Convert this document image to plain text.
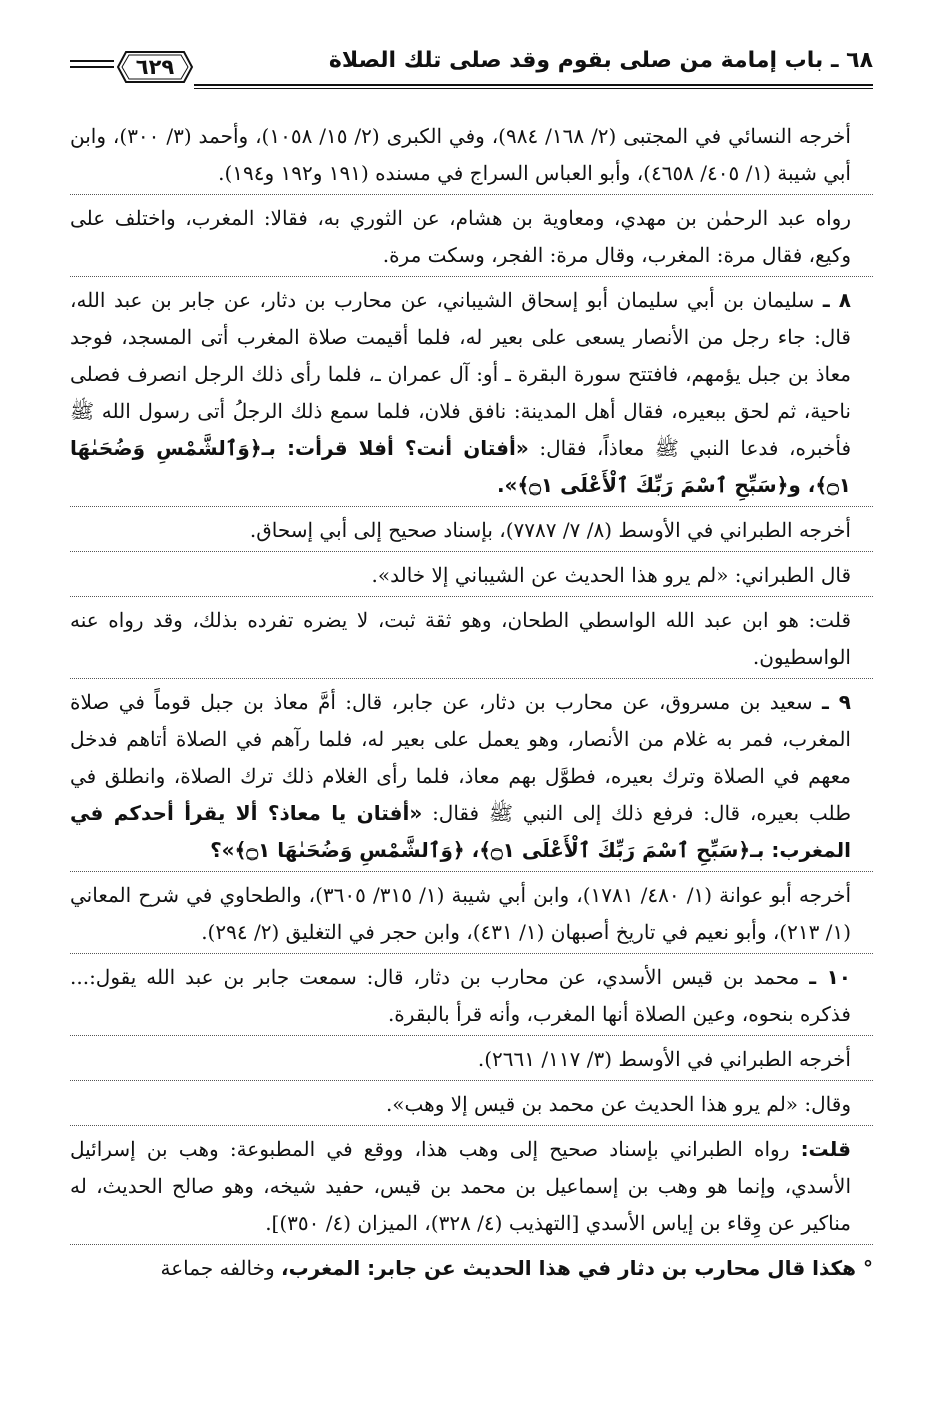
٦٨ ـ باب إمامة من صلى بقوم وقد صلى تلك الصلاة
٦٢٩

أخرجه النسائي في المجتبى (٢/ ١٦٨/ ٩٨٤)، وفي الكبرى (٢/ ١٥/ ١٠٥٨)، وأحمد (٣/ ٣٠٠)، وابن أبي شيبة (١/ ٤٠٥/ ٤٦٥٨)، وأبو العباس السراج في مسنده (١٩١ و١٩٢ و١٩٤).

رواه عبد الرحمٰن بن مهدي، ومعاوية بن هشام، عن الثوري به، فقالا: المغرب، واختلف على وكيع، فقال مرة: المغرب، وقال مرة: الفجر، وسكت مرة.

٨ ـ سليمان بن أبي سليمان أبو إسحاق الشيباني، عن محارب بن دثار، عن جابر بن عبد الله، قال: جاء رجل من الأنصار يسعى على بعير له، فلما أقيمت صلاة المغرب أتى المسجد، فوجد معاذ بن جبل يؤمهم، فافتتح سورة البقرة ـ أو: آل عمران ـ، فلما رأى ذلك الرجل انصرف فصلى ناحية، ثم لحق ببعيره، فقال أهل المدينة: نافق فلان، فلما سمع ذلك الرجلُ أتى رسول الله ﷺ فأخبره، فدعا النبي ﷺ معاذاً، فقال: «أفتان أنت؟ أفلا قرأت: بـ﴿وَٱلشَّمْسِ وَضُحَىٰهَا ۝١﴾، و﴿سَبِّحِ ٱسْمَ رَبِّكَ ٱلْأَعْلَى ۝١﴾».

أخرجه الطبراني في الأوسط (٨/ ٧/ ٧٧٨٧)، بإسناد صحيح إلى أبي إسحاق.

قال الطبراني: «لم يرو هذا الحديث عن الشيباني إلا خالد».

قلت: هو ابن عبد الله الواسطي الطحان، وهو ثقة ثبت، لا يضره تفرده بذلك، وقد رواه عنه الواسطيون.

٩ ـ سعيد بن مسروق، عن محارب بن دثار، عن جابر، قال: أمَّ معاذ بن جبل قوماً في صلاة المغرب، فمر به غلام من الأنصار، وهو يعمل على بعير له، فلما رآهم في الصلاة أتاهم فدخل معهم في الصلاة وترك بعيره، فطوَّل بهم معاذ، فلما رأى الغلام ذلك ترك الصلاة، وانطلق في طلب بعيره، قال: فرفع ذلك إلى النبي ﷺ فقال: «أفتان يا معاذ؟ ألا يقرأ أحدكم في المغرب: بـ﴿سَبِّحِ ٱسْمَ رَبِّكَ ٱلْأَعْلَى ۝١﴾، ﴿وَٱلشَّمْسِ وَضُحَىٰهَا ۝١﴾»؟

أخرجه أبو عوانة (١/ ٤٨٠/ ١٧٨١)، وابن أبي شيبة (١/ ٣١٥/ ٣٦٠٥)، والطحاوي في شرح المعاني (١/ ٢١٣)، وأبو نعيم في تاريخ أصبهان (١/ ٤٣١)، وابن حجر في التغليق (٢/ ٢٩٤).

١٠ ـ محمد بن قيس الأسدي، عن محارب بن دثار، قال: سمعت جابر بن عبد الله يقول:... فذكره بنحوه، وعين الصلاة أنها المغرب، وأنه قرأ بالبقرة.

أخرجه الطبراني في الأوسط (٣/ ١١٧/ ٢٦٦١).

وقال: «لم يرو هذا الحديث عن محمد بن قيس إلا وهب».

قلت: رواه الطبراني بإسناد صحيح إلى وهب هذا، ووقع في المطبوعة: وهب بن إسرائيل الأسدي، وإنما هو وهب بن إسماعيل بن محمد بن قيس، حفيد شيخه، وهو صالح الحديث، له مناكير عن وِقاء بن إياس الأسدي [التهذيب (٤/ ٣٢٨)، الميزان (٤/ ٣٥٠)].

° هكذا قال محارب بن دثار في هذا الحديث عن جابر: المغرب، وخالفه جماعة
